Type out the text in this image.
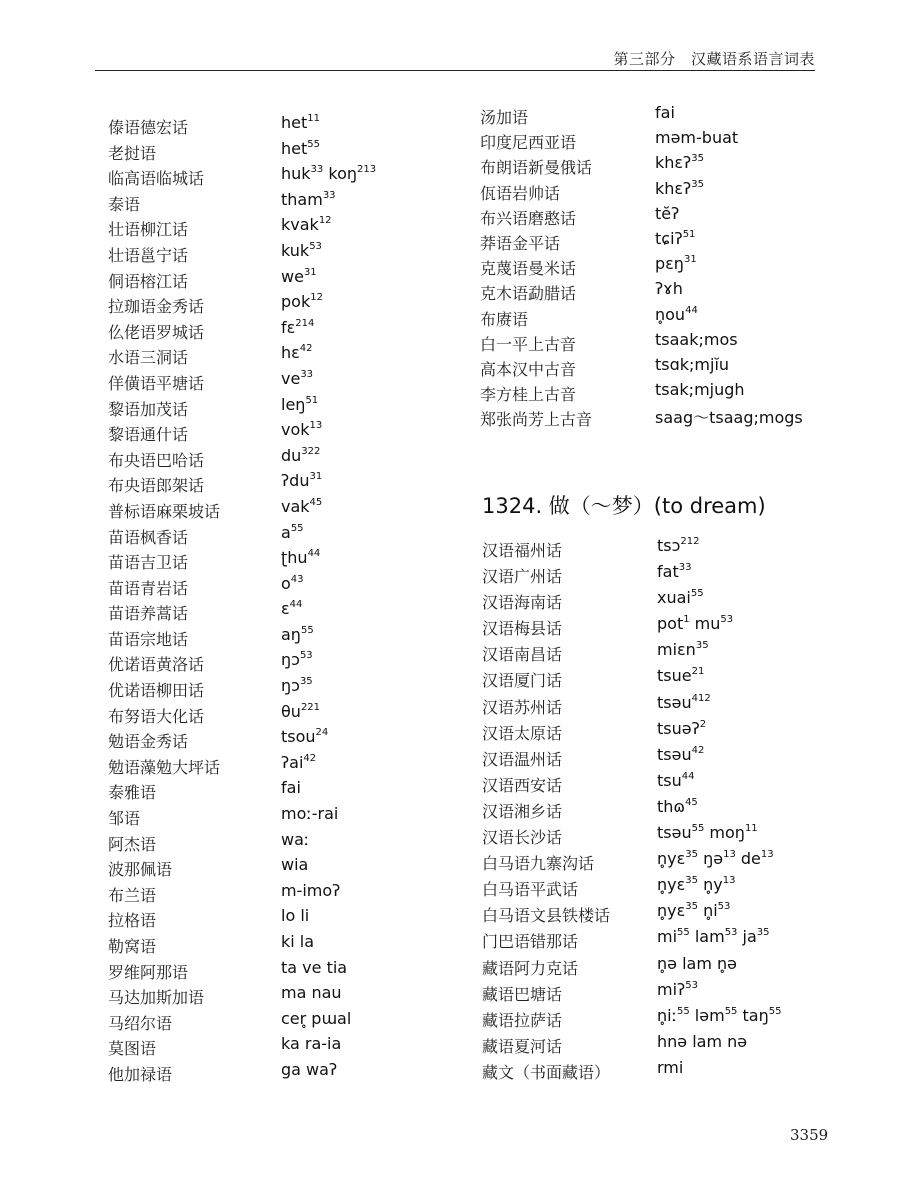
第三部分　汉藏语系语言词表
傣语德宏话	het$^{11}$
老挝语	het$^{55}$
临高语临城话	huk$^{33}$ koŋ$^{213}$
泰语	tham$^{33}$
壮语柳江话	kvak$^{12}$
壮语邕宁话	kuk$^{53}$
侗语榕江话	$we^{31}$
拉珈语金秀话	pok$^{12}$
仫佬语罗城话	fɛ$^{214}$
水语三洞话	hɛ$^{42}$
佯僙语平塘话	$ve^{33}$
黎语加茂话	leŋ$^{51}$
黎语通什话	vok$^{13}$
布央语巴哈话	$du^{322}$
布央语郎架话	ʔdu$^{31}$
普标语麻栗坡话	vak$^{45}$
苗语枫香话	$a^{55}$
苗语吉卫话	ʈhu$^{44}$
苗语青岩话	$o^{43}$
苗语养蒿话	ɛ$^{44}$
苗语宗地话	$aŋ^{55}$
优诺语黄洛话	ŋɔ$^{53}$
优诺语柳田话	ŋɔ$^{35}$
布努语大化话	$\theta u^{221}$
勉语金秀话	tsou$^{24}$
勉语藻勉大坪话	ʔai$^{42}$
泰雅语	fai
邹语	moː-rai
阿杰语	waː
波那佩语	wia
布兰语	m-imoʔ
拉格语	lo li
勒窝语	ki la
罗维阿那语	ta ve tia
马达加斯加语	ma nau
马绍尔语	cer̥ pɯal
莫图语	ka ra-ia
他加禄语	ga waʔ
汤加语	fai
印度尼西亚语	məm-buat
布朗语新曼俄话	khɛʔ$^{35}$
佤语岩帅话	khɛʔ$^{35}$
布兴语磨憨话	tĕʔ
莽语金平话	tɕiʔ$^{51}$
克蔑语曼米话	pɛŋ$^{31}$
克木语勐腊话	ʔɤh
布赓语	$n̥ou^{44}$
白一平上古音	tsaak;mos
高本汉中古音	tsɑk;mjĭu
李方桂上古音	tsak;mjugh
郑张尚芳上古音	saag～tsaag;mogs
1324. 做（～梦）(to dream)
汉语福州话	tsɔ$^{212}$
汉语广州话	fat$^{33}$
汉语海南话	xuai$^{55}$
汉语梅县话	pot$^1$ $mu^{53}$
汉语南昌话	miɛn$^{35}$
汉语厦门话	tsue$^{21}$
汉语苏州话	tsəu$^{412}$
汉语太原话	tsuəʔ$^2$
汉语温州话	tsəu$^{42}$
汉语西安话	tsu$^{44}$
汉语湘乡话	thɷ$^{45}$
汉语长沙话	tsəu$^{55}$ moŋ$^{11}$
白马语九寨沟话	n̥yɛ$^{35}$ ŋə$^{13}$ $de^{13}$
白马语平武话	n̥yɛ$^{35}$ $n̥y^{13}$
白马语文县铁楼话	n̥yɛ$^{35}$ $n̥i^{53}$
门巴语错那话	$mi^{55}$ lam$^{53}$ $ja^{35}$
藏语阿力克话	n̥ə lam n̥ə
藏语巴塘话	miʔ$^{53}$
藏语拉萨话	n̥iː$^{55}$ ləm$^{55}$ taŋ$^{55}$
藏语夏河话	hnə lam nə
藏文（书面藏语）	rmi
3359
